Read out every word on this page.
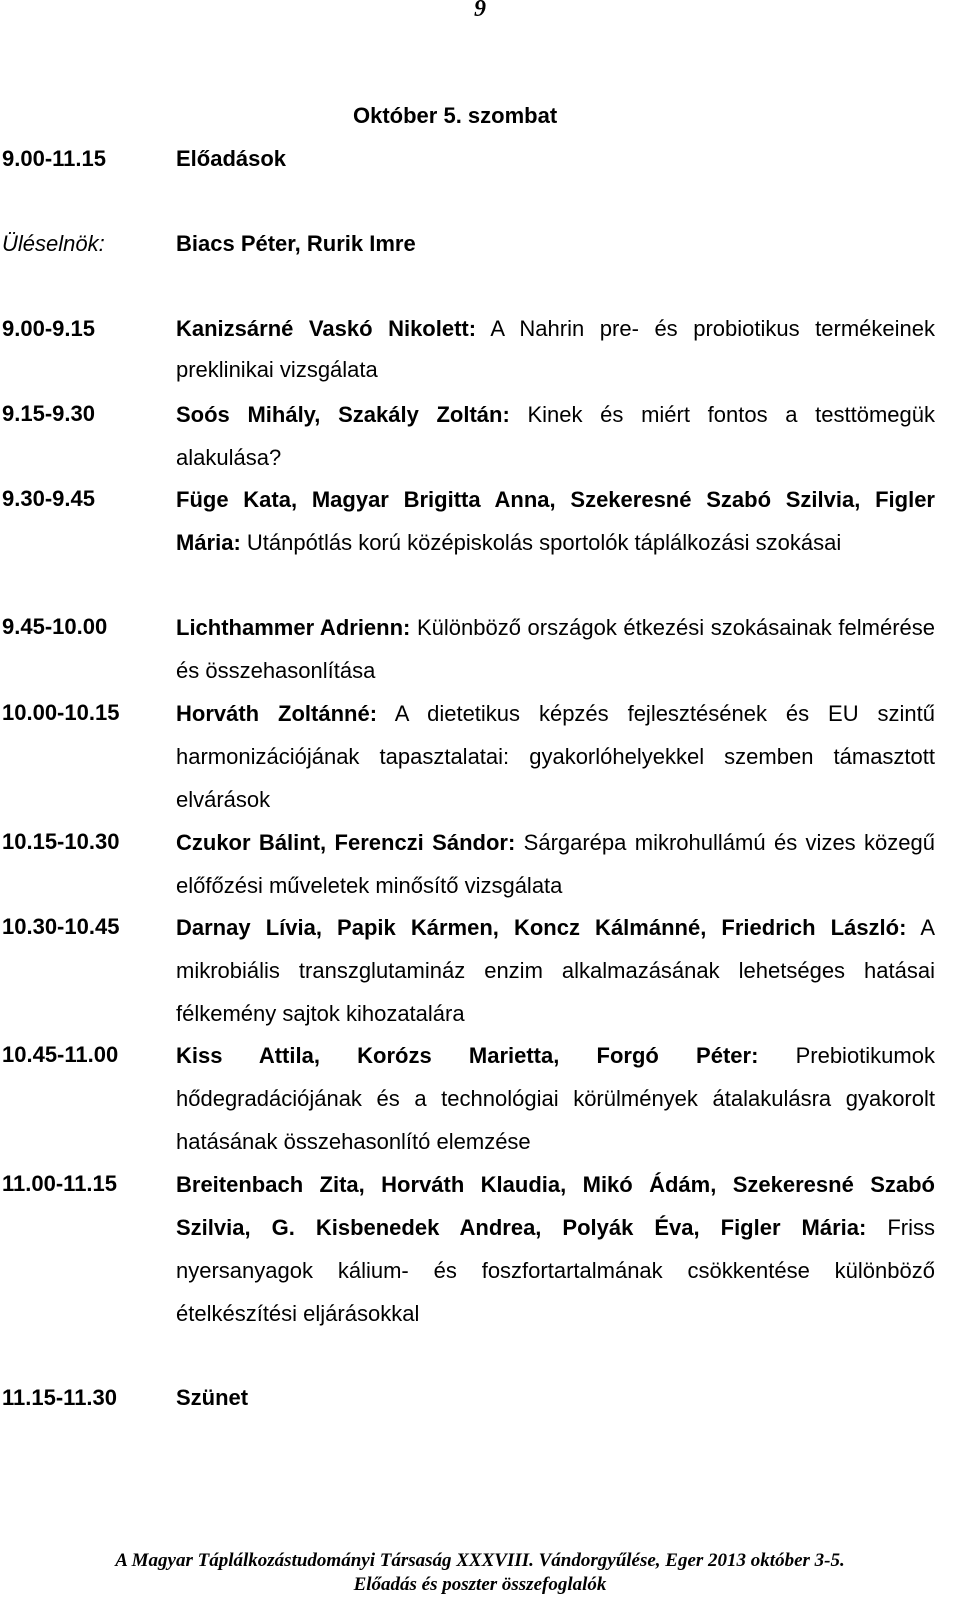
9
Október 5. szombat
9.00-11.15	Előadások
Üléselnök:	Biacs Péter, Rurik Imre
9.00-9.15	Kanizsárné Vaskó Nikolett: A Nahrin pre- és probiotikus termékeinek preklinikai vizsgálata
9.15-9.30	Soós Mihály, Szakály Zoltán: Kinek és miért fontos a testtömegük alakulása?
9.30-9.45	Füge Kata, Magyar Brigitta Anna, Szekeresné Szabó Szilvia, Figler Mária: Utánpótlás korú középiskolás sportolók táplálkozási szokásai
9.45-10.00	Lichthammer Adrienn: Különböző országok étkezési szokásainak felmérése és összehasonlítása
10.00-10.15	Horváth Zoltánné: A dietetikus képzés fejlesztésének és EU szintű harmonizációjának tapasztalatai: gyakorlóhelyekkel szemben támasztott elvárások
10.15-10.30	Czukor Bálint, Ferenczi Sándor: Sárgarépa mikrohullámú és vizes közegű előfőzési műveletek minősítő vizsgálata
10.30-10.45	Darnay Lívia, Papik Kármen, Koncz Kálmánné, Friedrich László: A mikrobiális transzglutamináz enzim alkalmazásának lehetséges hatásai félkemény sajtok kihozatalára
10.45-11.00	Kiss Attila, Korózs Marietta, Forgó Péter: Prebiotikumok hődegradációjának és a technológiai körülmények átalakulásra gyakorolt hatásának összehasonlító elemzése
11.00-11.15	Breitenbach Zita, Horváth Klaudia, Mikó Ádám, Szekeresné Szabó Szilvia, G. Kisbenedek Andrea, Polyák Éva, Figler Mária: Friss nyersanyagok kálium- és foszfortartalmának csökkentése különböző ételkészítési eljárásokkal
11.15-11.30	Szünet
A Magyar Táplálkozástudományi Társaság XXXVIII. Vándorgyűlése, Eger 2013 október 3-5.
Előadás és poszter összefoglalók
